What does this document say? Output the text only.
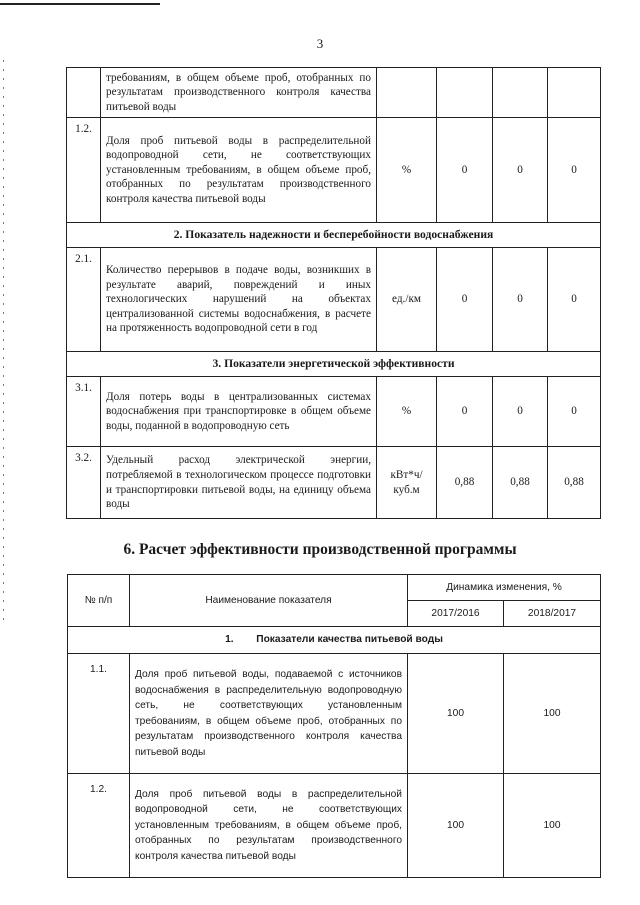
3
	требованиям, в общем объеме проб, отобранных по результатам производственного контроля качества питьевой воды				
1.2.	Доля проб питьевой воды в распределительной водопроводной сети, не соответствующих установленным требованиям, в общем объеме проб, отобранных по результатам производственного контроля качества питьевой воды	%	0	0	0
2. Показатель надежности и бесперебойности водоснабжения					
2.1.	Количество перерывов в подаче воды, возникших в результате аварий, повреждений и иных технологических нарушений на объектах централизованной системы водоснабжения, в расчете на протяженность водопроводной сети в год	ед./км	0	0	0
3. Показатели энергетической эффективности					
3.1.	Доля потерь воды в централизованных системах водоснабжения при транспортировке в общем объеме воды, поданной в водопроводную сеть	%	0	0	0
3.2.	Удельный расход электрической энергии, потребляемой в технологическом процессе подготовки и транспортировки питьевой воды, на единицу объема воды	кВт*ч/ куб.м	0,88	0,88	0,88
6. Расчет эффективности производственной программы
№ п/п	Наименование показателя	Динамика изменения, %	
		2017/2016	2018/2017
1. Показатели качества питьевой воды			
1.1.	Доля проб питьевой воды, подаваемой с источников водоснабжения в распределительную водопроводную сеть, не соответствующих установленным требованиям, в общем объеме проб, отобранных по результатам производственного контроля качества питьевой воды	100	100
1.2.	Доля проб питьевой воды в распределительной водопроводной сети, не соответствующих установленным требованиям, в общем объеме проб, отобранных по результатам производственного контроля качества питьевой воды	100	100
